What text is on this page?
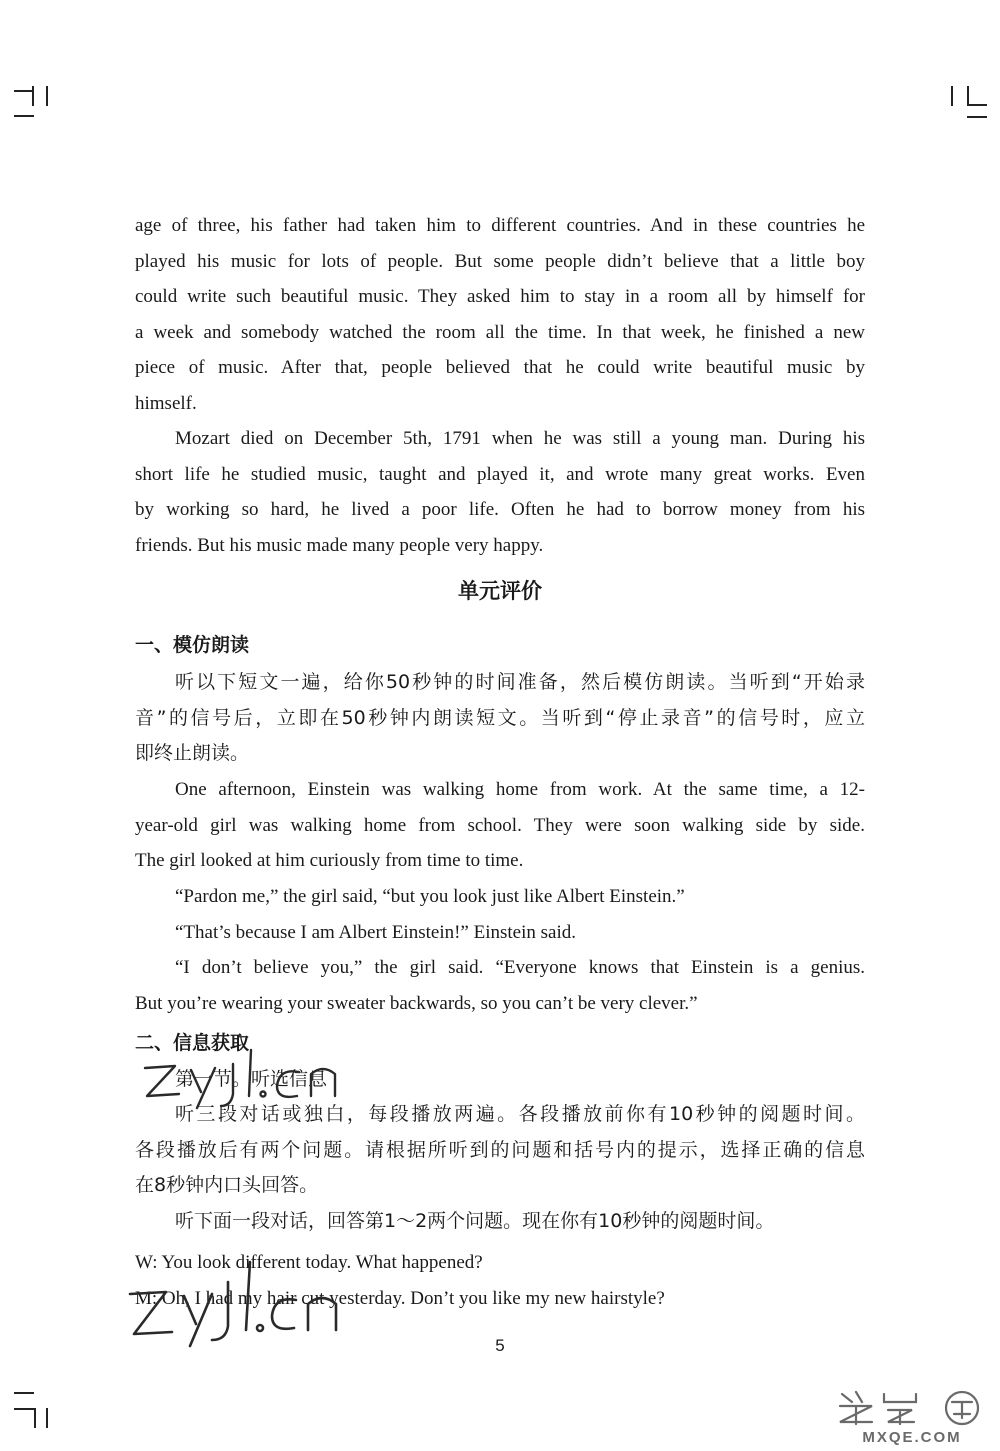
age of three, his father had taken him to different countries. And in these countries he
played his music for lots of people. But some people didn’t believe that a little boy
could write such beautiful music. They asked him to stay in a room all by himself for
a week and somebody watched the room all the time. In that week, he finished a new
piece of music. After that, people believed that he could write beautiful music by
himself.
Mozart died on December 5th, 1791 when he was still a young man. During his
short life he studied music, taught and played it, and wrote many great works. Even
by working so hard, he lived a poor life. Often he had to borrow money from his
friends. But his music made many people very happy.
单元评价
一、模仿朗读
听以下短文一遍，给你50秒钟的时间准备，然后模仿朗读。当听到“开始录
音”的信号后，立即在50秒钟内朗读短文。当听到“停止录音”的信号时，应立
即终止朗读。
One afternoon, Einstein was walking home from work. At the same time, a 12-
year-old girl was walking home from school. They were soon walking side by side.
The girl looked at him curiously from time to time.
“Pardon me,” the girl said, “but you look just like Albert Einstein.”
“That’s because I am Albert Einstein!” Einstein said.
“I don’t believe you,” the girl said. “Everyone knows that Einstein is a genius.
But you’re wearing your sweater backwards, so you can’t be very clever.”
二、信息获取
第一节。听选信息
听三段对话或独白，每段播放两遍。各段播放前你有10秒钟的阅题时间。
各段播放后有两个问题。请根据所听到的问题和括号内的提示，选择正确的信息
在8秒钟内口头回答。
听下面一段对话，回答第1～2两个问题。现在你有10秒钟的阅题时间。
W: You look different today. What happened?
M: Oh, I had my hair cut yesterday. Don’t you like my new hairstyle?
5
MXQE.COM
